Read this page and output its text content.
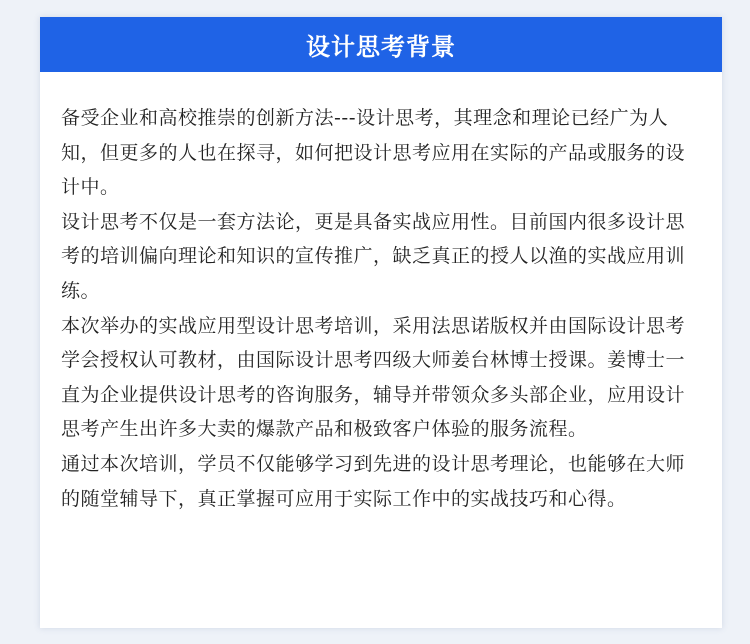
设计思考背景

备受企业和高校推崇的创新方法---设计思考，其理念和理论已经广为人知，但更多的人也在探寻，如何把设计思考应用在实际的产品或服务的设计中。

设计思考不仅是一套方法论，更是具备实战应用性。目前国内很多设计思考的培训偏向理论和知识的宣传推广，缺乏真正的授人以渔的实战应用训练。

本次举办的实战应用型设计思考培训，采用法思诺版权并由国际设计思考学会授权认可教材，由国际设计思考四级大师姜台林博士授课。姜博士一直为企业提供设计思考的咨询服务，辅导并带领众多头部企业，应用设计思考产生出许多大卖的爆款产品和极致客户体验的服务流程。

通过本次培训，学员不仅能够学习到先进的设计思考理论，也能够在大师的随堂辅导下，真正掌握可应用于实际工作中的实战技巧和心得。
